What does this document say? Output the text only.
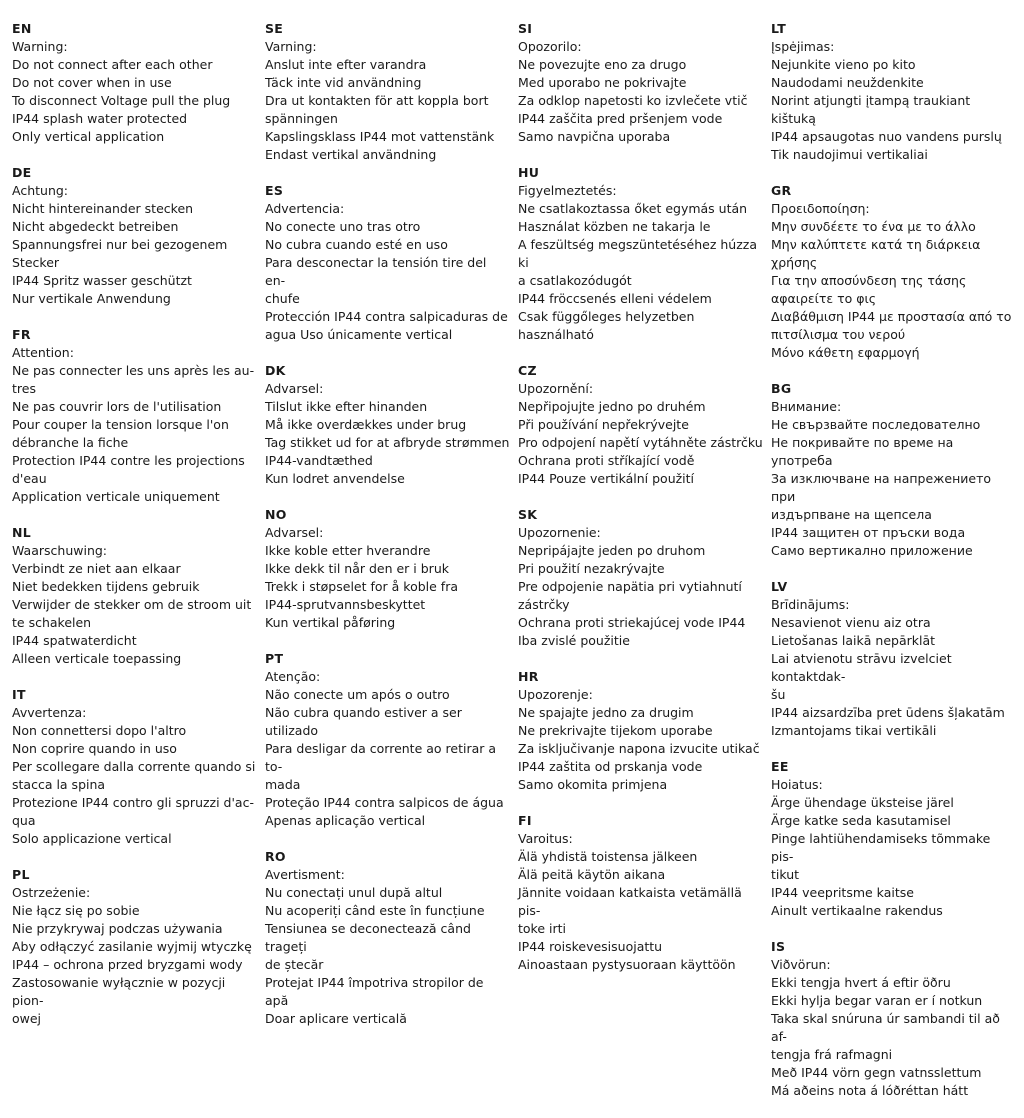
EN
Warning:
Do not connect after each other
Do not cover when in use
To disconnect Voltage pull the plug
IP44 splash water protected
Only vertical application
DE
Achtung:
Nicht hintereinander stecken
Nicht abgedeckt betreiben
Spannungsfrei nur bei gezogenem
Stecker
IP44 Spritz wasser geschützt
Nur vertikale Anwendung
FR
Attention:
Ne pas connecter les uns après les au-
tres
Ne pas couvrir lors de l'utilisation
Pour couper la tension lorsque l'on
débranche la fiche
Protection IP44 contre les projections
d'eau
Application verticale uniquement
NL
Waarschuwing:
Verbindt ze niet aan elkaar
Niet bedekken tijdens gebruik
Verwijder de stekker om de stroom uit
te schakelen
IP44 spatwaterdicht
Alleen verticale toepassing
IT
Avvertenza:
Non connettersi dopo l'altro
Non coprire quando in uso
Per scollegare dalla corrente quando si
stacca la spina
Protezione IP44 contro gli spruzzi d'ac-
qua
Solo applicazione vertical
PL
Ostrzeżenie:
Nie łącz się po sobie
Nie przykrywaj podczas używania
Aby odłączyć zasilanie wyjmij wtyczkę
IP44 – ochrona przed bryzgami wody
Zastosowanie wyłącznie w pozycji pion-
owej
SE
Varning:
Anslut inte efter varandra
Täck inte vid användning
Dra ut kontakten för att koppla bort
spänningen
Kapslingsklass IP44 mot vattenstänk
Endast vertikal användning
ES
Advertencia:
No conecte uno tras otro
No cubra cuando esté en uso
Para desconectar la tensión tire del en-
chufe
Protección IP44 contra salpicaduras de
agua Uso únicamente vertical
DK
Advarsel:
Tilslut ikke efter hinanden
Må ikke overdækkes under brug
Tag stikket ud for at afbryde strømmen
IP44-vandtæthed
Kun lodret anvendelse
NO
Advarsel:
Ikke koble etter hverandre
Ikke dekk til når den er i bruk
Trekk i støpselet for å koble fra
IP44-sprutvannsbeskyttet
Kun vertikal påføring
PT
Atenção:
Não conecte um após o outro
Não cubra quando estiver a ser utilizado
Para desligar da corrente ao retirar a to-
mada
Proteção IP44 contra salpicos de água
Apenas aplicação vertical
RO
Avertisment:
Nu conectați unul după altul
Nu acoperiți când este în funcțiune
Tensiunea se deconectează când trageți
de ștecăr
Protejat IP44 împotriva stropilor de apă
Doar aplicare verticală
SI
Opozorilo:
Ne povezujte eno za drugo
Med uporabo ne pokrivajte
Za odklop napetosti ko izvlečete vtič
IP44 zaščita pred pršenjem vode
Samo navpična uporaba
HU
Figyelmeztetés:
Ne csatlakoztassa őket egymás után
Használat közben ne takarja le
A feszültség megszüntetéséhez húzza ki
a csatlakozódugót
IP44 fröccsenés elleni védelem
Csak függőleges helyzetben használható
CZ
Upozornění:
Nepřipojujte jedno po druhém
Při používání nepřekrývejte
Pro odpojení napětí vytáhněte zástrčku
Ochrana proti stříkající vodě
IP44 Pouze vertikální použití
SK
Upozornenie:
Nepripájajte jeden po druhom
Pri použití nezakrývajte
Pre odpojenie napätia pri vytiahnutí
zástrčky
Ochrana proti striekajúcej vode IP44
Iba zvislé použitie
HR
Upozorenje:
Ne spajajte jedno za drugim
Ne prekrivajte tijekom uporabe
Za isključivanje napona izvucite utikač
IP44 zaštita od prskanja vode
Samo okomita primjena
FI
Varoitus:
Älä yhdistä toistensa jälkeen
Älä peitä käytön aikana
Jännite voidaan katkaista vetämällä pis-
toke irti
IP44 roiskevesisuojattu
Ainoastaan pystysuoraan käyttöön
LT
Įspėjimas:
Nejunkite vieno po kito
Naudodami neuždenkite
Norint atjungti įtampą traukiant kištuką
IP44 apsaugotas nuo vandens purslų
Tik naudojimui vertikaliai
GR
Προειδοποίηση:
Μην συνδέετε το ένα με το άλλο
Μην καλύπτετε κατά τη διάρκεια
χρήσης
Για την αποσύνδεση της τάσης
αφαιρείτε το φις
Διαβάθμιση IP44 με προστασία από το
πιτσίλισμα του νερού
Μόνο κάθετη εφαρμογή
BG
Внимание:
Не свързвайте последователно
Не покривайте по време на употреба
За изключване на напрежението при
издърпване на щепсела
IP44 защитен от пръски вода
Само вертикално приложение
LV
Brīdinājums:
Nesavienot vienu aiz otra
Lietošanas laikā nepārklāt
Lai atvienotu strāvu izvelciet kontaktdak-
šu
IP44 aizsardzība pret ūdens šļakatām
Izmantojams tikai vertikāli
EE
Hoiatus:
Ärge ühendage üksteise järel
Ärge katke seda kasutamisel
Pinge lahtiühendamiseks tõmmake pis-
tikut
IP44 veepritsme kaitse
Ainult vertikaalne rakendus
IS
Viðvörun:
Ekki tengja hvert á eftir öðru
Ekki hylja begar varan er í notkun
Taka skal snúruna úr sambandi til að af-
tengja frá rafmagni
Með IP44 vörn gegn vatnsslettum
Má aðeins nota á lóðréttan hátt
